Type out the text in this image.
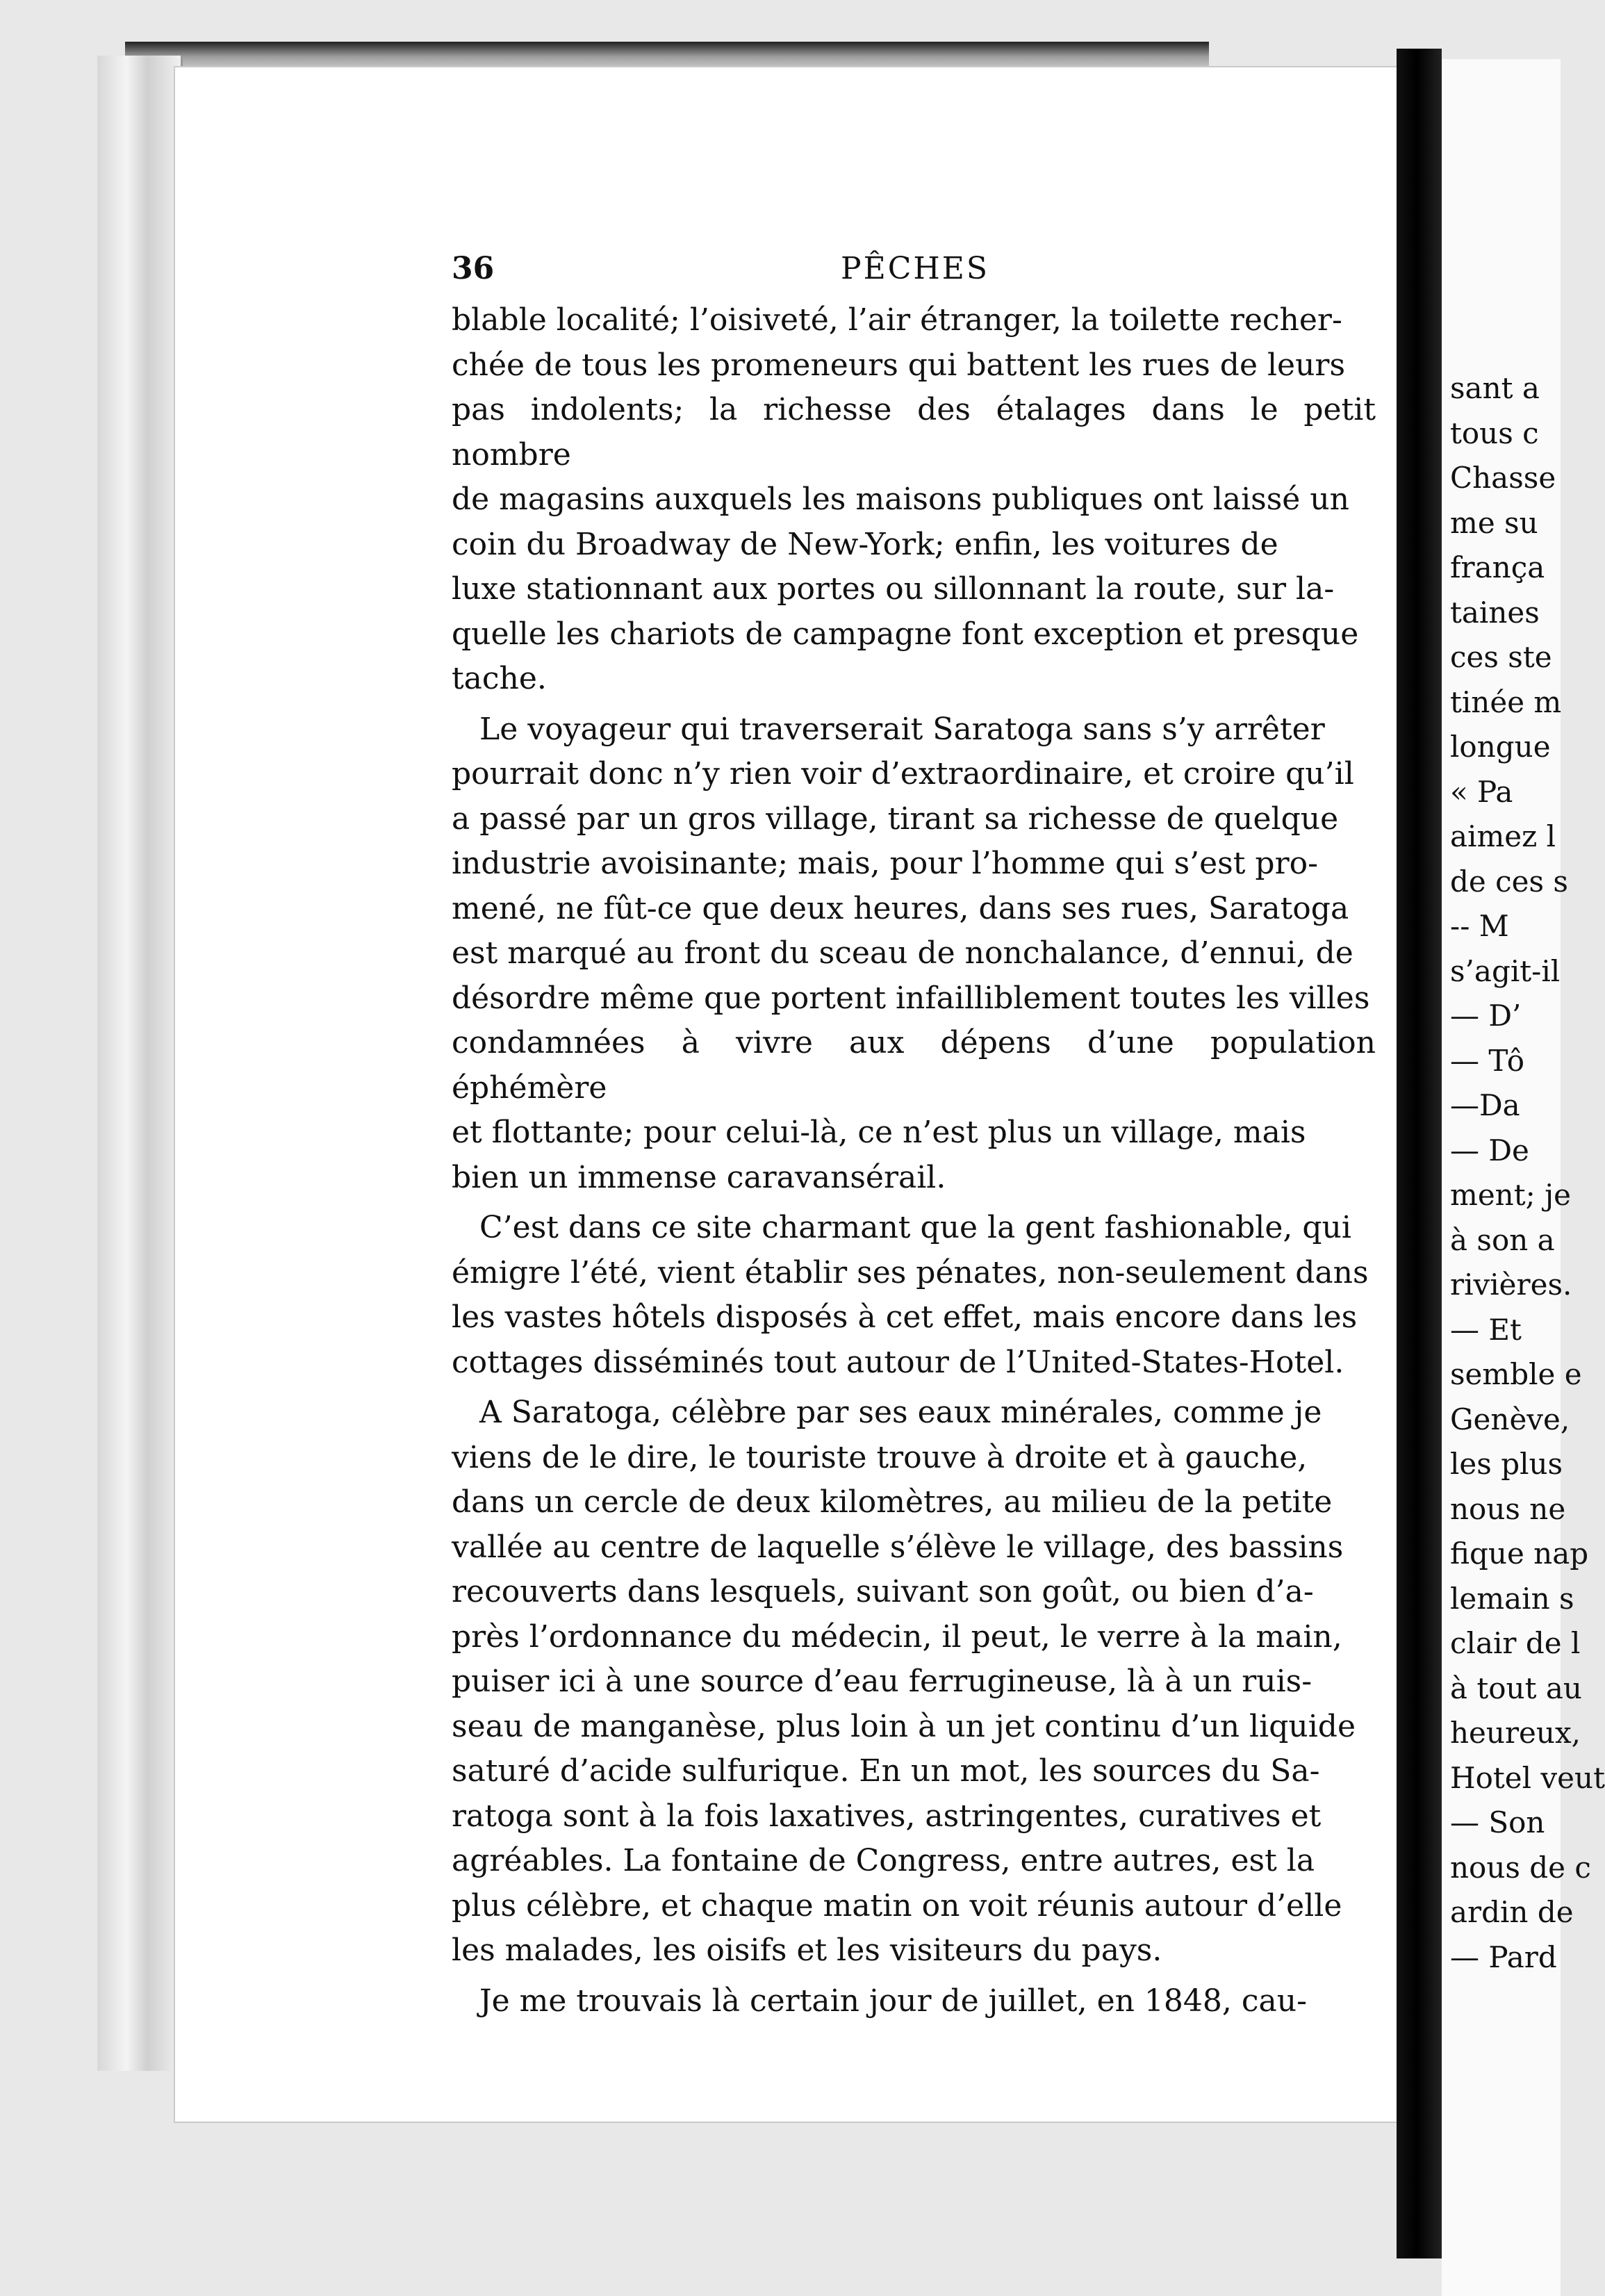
sant a
tous c
Chasse
me su
frança
taines
ces ste
tinée m
longue
« Pa
aimez l
de ces s
-- M
s’agit-il
— D’
— Tô
—Da
— De
ment; je
à son a
rivières.
— Et
semble e
Genève,
les plus
nous ne
fique nap
lemain s
clair de l
à tout au
heureux,
Hotel veut
— Son
nous de c
ardin de
— Pard
36	PÊCHES

blable localité; l’oisiveté, l’air étranger, la toilette recher-
chée de tous les promeneurs qui battent les rues de leurs
pas indolents; la richesse des étalages dans le petit nombre
de magasins auxquels les maisons publiques ont laissé un
coin du Broadway de New-York; enfin, les voitures de
luxe stationnant aux portes ou sillonnant la route, sur la-
quelle les chariots de campagne font exception et presque
tache.

Le voyageur qui traverserait Saratoga sans s’y arrêter
pourrait donc n’y rien voir d’extraordinaire, et croire qu’il
a passé par un gros village, tirant sa richesse de quelque
industrie avoisinante; mais, pour l’homme qui s’est pro-
mené, ne fût-ce que deux heures, dans ses rues, Saratoga
est marqué au front du sceau de nonchalance, d’ennui, de
désordre même que portent infailliblement toutes les villes
condamnées à vivre aux dépens d’une population éphémère
et flottante; pour celui-là, ce n’est plus un village, mais
bien un immense caravansérail.

C’est dans ce site charmant que la gent fashionable, qui
émigre l’été, vient établir ses pénates, non-seulement dans
les vastes hôtels disposés à cet effet, mais encore dans les
cottages disséminés tout autour de l’United-States-Hotel.

A Saratoga, célèbre par ses eaux minérales, comme je
viens de le dire, le touriste trouve à droite et à gauche,
dans un cercle de deux kilomètres, au milieu de la petite
vallée au centre de laquelle s’élève le village, des bassins
recouverts dans lesquels, suivant son goût, ou bien d’a-
près l’ordonnance du médecin, il peut, le verre à la main,
puiser ici à une source d’eau ferrugineuse, là à un ruis-
seau de manganèse, plus loin à un jet continu d’un liquide
saturé d’acide sulfurique. En un mot, les sources du Sa-
ratoga sont à la fois laxatives, astringentes, curatives et
agréables. La fontaine de Congress, entre autres, est la
plus célèbre, et chaque matin on voit réunis autour d’elle
les malades, les oisifs et les visiteurs du pays.

Je me trouvais là certain jour de juillet, en 1848, cau-
